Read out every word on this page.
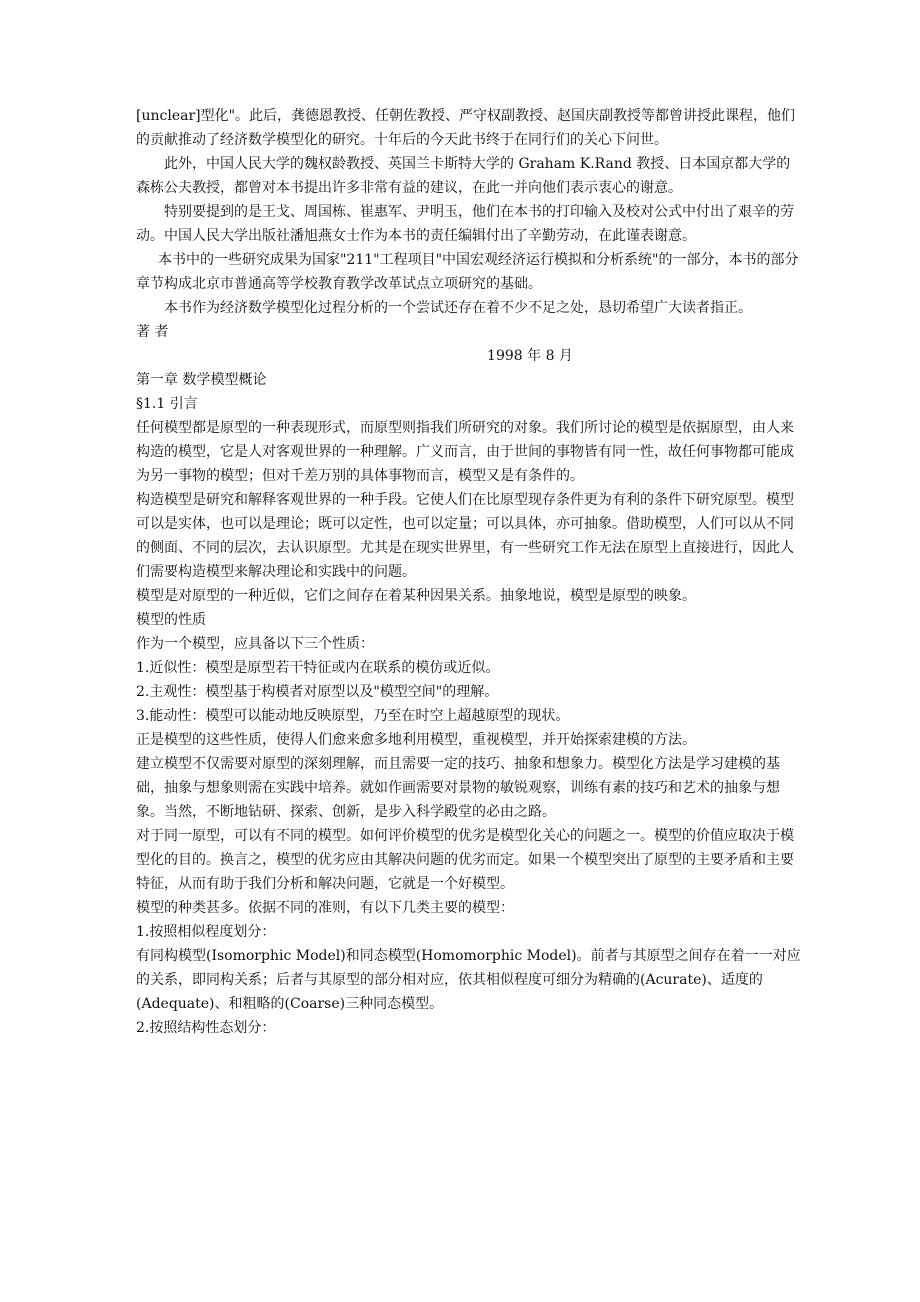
[unclear]型化"。此后，龚德恩教授、任朝佐教授、严守权副教授、赵国庆副教授等都曾讲授此课程，他们的贡献推动了经济数学模型化的研究。十年后的今天此书终于在同行们的关心下问世。

此外，中国人民大学的魏权龄教授、英国兰卡斯特大学的 Graham K.Rand 教授、日本国京都大学的森栋公夫教授，都曾对本书提出许多非常有益的建议，在此一并向他们表示衷心的谢意。

特别要提到的是王戈、周国栋、崔惠军、尹明玉，他们在本书的打印输入及校对公式中付出了艰辛的劳动。中国人民大学出版社潘旭燕女士作为本书的责任编辑付出了辛勤劳动，在此谨表谢意。

本书中的一些研究成果为国家"211"工程项目"中国宏观经济运行模拟和分析系统"的一部分，本书的部分章节构成北京市普通高等学校教育教学改革试点立项研究的基础。

本书作为经济数学模型化过程分析的一个尝试还存在着不少不足之处，恳切希望广大读者指正。

著 者

1998 年 8 月

第一章 数学模型概论

§1.1 引言

任何模型都是原型的一种表现形式，而原型则指我们所研究的对象。我们所讨论的模型是依据原型，由人来构造的模型，它是人对客观世界的一种理解。广义而言，由于世间的事物皆有同一性，故任何事物都可能成为另一事物的模型；但对千差万别的具体事物而言，模型又是有条件的。

构造模型是研究和解释客观世界的一种手段。它使人们在比原型现存条件更为有利的条件下研究原型。模型可以是实体，也可以是理论；既可以定性，也可以定量；可以具体，亦可抽象。借助模型，人们可以从不同的侧面、不同的层次，去认识原型。尤其是在现实世界里，有一些研究工作无法在原型上直接进行，因此人们需要构造模型来解决理论和实践中的问题。

模型是对原型的一种近似，它们之间存在着某种因果关系。抽象地说，模型是原型的映象。

模型的性质

作为一个模型，应具备以下三个性质：

1.近似性：模型是原型若干特征或内在联系的模仿或近似。

2.主观性：模型基于构模者对原型以及"模型空间"的理解。

3.能动性：模型可以能动地反映原型，乃至在时空上超越原型的现状。

正是模型的这些性质，使得人们愈来愈多地利用模型，重视模型，并开始探索建模的方法。

建立模型不仅需要对原型的深刻理解，而且需要一定的技巧、抽象和想象力。模型化方法是学习建模的基础，抽象与想象则需在实践中培养。就如作画需要对景物的敏锐观察，训练有素的技巧和艺术的抽象与想象。当然，不断地钻研、探索、创新，是步入科学殿堂的必由之路。

对于同一原型，可以有不同的模型。如何评价模型的优劣是模型化关心的问题之一。模型的价值应取决于模型化的目的。换言之，模型的优劣应由其解决问题的优劣而定。如果一个模型突出了原型的主要矛盾和主要特征，从而有助于我们分析和解决问题，它就是一个好模型。

模型的种类甚多。依据不同的准则，有以下几类主要的模型：

1.按照相似程度划分：

有同构模型(Isomorphic Model)和同态模型(Homomorphic Model)。前者与其原型之间存在着一一对应的关系，即同构关系；后者与其原型的部分相对应，依其相似程度可细分为精确的(Acurate)、适度的(Adequate)、和粗略的(Coarse)三种同态模型。

2.按照结构性态划分：
